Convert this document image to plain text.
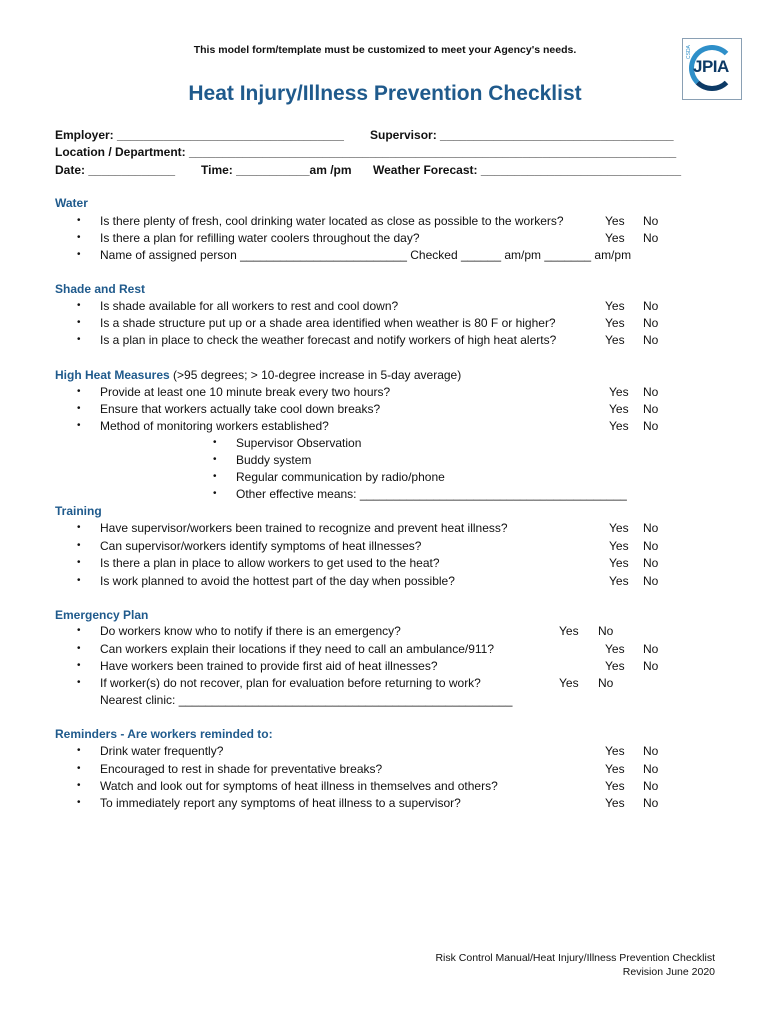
This model form/template must be customized to meet your Agency's needs.	CSDA
JPIA
Heat Injury/Illness Prevention Checklist
Employer: __________________________________ Supervisor: ___________________________________
Location / Department: _________________________________________________________________________
Date: _____________ Time: ___________am /pm Weather Forecast: ______________________________
Water
• Is there plenty of fresh, cool drinking water located as close as possible to the workers?	Yes No
• Is there a plan for refilling water coolers throughout the day?	Yes No
• Name of assigned person _________________________ Checked ______ am/pm _______ am/pm
Shade and Rest
• Is shade available for all workers to rest and cool down?	Yes No
• Is a shade structure put up or a shade area identified when weather is 80 F or higher?	Yes No
• Is a plan in place to check the weather forecast and notify workers of high heat alerts?	Yes No
High Heat Measures (>95 degrees; > 10-degree increase in 5-day average)
• Provide at least one 10 minute break every two hours?	Yes No
• Ensure that workers actually take cool down breaks?	Yes No
• Method of monitoring workers established?	Yes No
• Supervisor Observation
• Buddy system
• Regular communication by radio/phone
• Other effective means: ________________________________________
Training
• Have supervisor/workers been trained to recognize and prevent heat illness?	Yes No
• Can supervisor/workers identify symptoms of heat illnesses?	Yes No
• Is there a plan in place to allow workers to get used to the heat?	Yes No
• Is work planned to avoid the hottest part of the day when possible?	Yes No
Emergency Plan
• Do workers know who to notify if there is an emergency?	Yes No
• Can workers explain their locations if they need to call an ambulance/911?	Yes No
• Have workers been trained to provide first aid of heat illnesses?	Yes No
• If worker(s) do not recover, plan for evaluation before returning to work?	Yes No
Nearest clinic: __________________________________________________
Reminders - Are workers reminded to:
• Drink water frequently?	Yes No
• Encouraged to rest in shade for preventative breaks?	Yes No
• Watch and look out for symptoms of heat illness in themselves and others?	Yes No
• To immediately report any symptoms of heat illness to a supervisor?	Yes No
Risk Control Manual/Heat Injury/Illness Prevention Checklist
Revision June 2020
